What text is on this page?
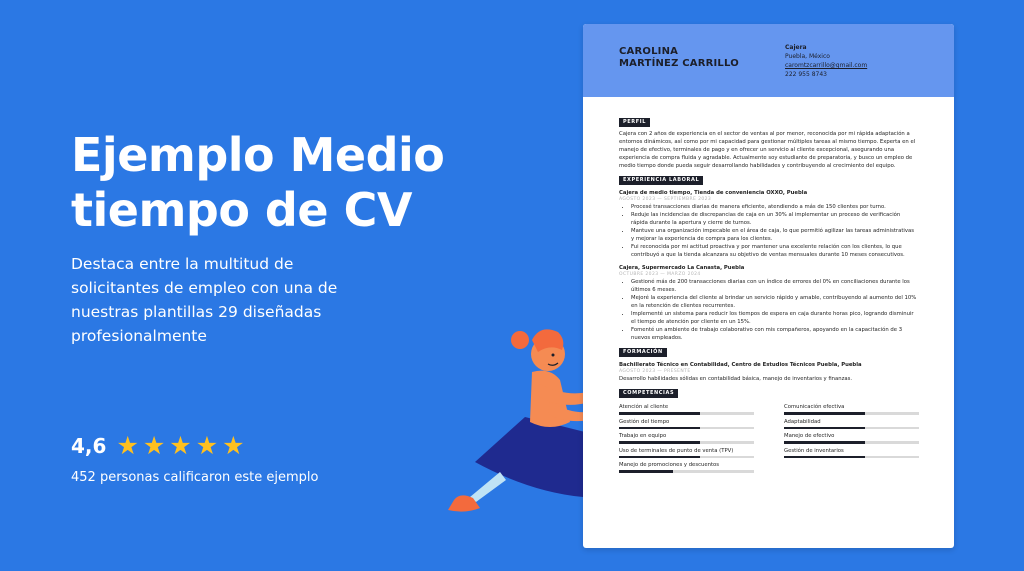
Ejemplo Medio tiempo de CV

Destaca entre la multitud de solicitantes de empleo con una de nuestras plantillas 29 diseñadas profesionalmente

4,6 ★ ★ ★ ★ ★

452 personas calificaron este ejemplo

CAROLINA
MARTÍNEZ CARRILLO
Cajera
Puebla, México
caromtzcarrillo@gmail.com
222 955 8743
PERFIL
Cajera con 2 años de experiencia en el sector de ventas al por menor, reconocida por mi rápida adaptación a entornos dinámicos, así como por mi capacidad para gestionar múltiples tareas al mismo tiempo. Experta en el manejo de efectivo, terminales de pago y en ofrecer un servicio al cliente excepcional, asegurando una experiencia de compra fluida y agradable. Actualmente soy estudiante de preparatoria, y busco un empleo de medio tiempo donde pueda seguir desarrollando habilidades y contribuyendo al crecimiento del equipo.
EXPERIENCIA LABORAL
Cajera de medio tiempo, Tienda de conveniencia OXXO, Puebla
AGOSTO 2023 — SEPTIEMBRE 2023
• Procesé transacciones diarias de manera eficiente, atendiendo a más de 150 clientes por turno.
• Reduje las incidencias de discrepancias de caja en un 30% al implementar un proceso de verificación rápida durante la apertura y cierre de turnos.
• Mantuve una organización impecable en el área de caja, lo que permitió agilizar las tareas administrativas y mejorar la experiencia de compra para los clientes.
• Fui reconocida por mi actitud proactiva y por mantener una excelente relación con los clientes, lo que contribuyó a que la tienda alcanzara su objetivo de ventas mensuales durante 10 meses consecutivos.
Cajera, Supermercado La Canasta, Puebla
OCTUBRE 2023 — MARZO 2024
• Gestioné más de 200 transacciones diarias con un índice de errores del 0% en conciliaciones durante los últimos 6 meses.
• Mejoré la experiencia del cliente al brindar un servicio rápido y amable, contribuyendo al aumento del 10% en la retención de clientes recurrentes.
• Implementé un sistema para reducir los tiempos de espera en caja durante horas pico, logrando disminuir el tiempo de atención por cliente en un 15%.
• Fomenté un ambiente de trabajo colaborativo con mis compañeros, apoyando en la capacitación de 3 nuevos empleados.
FORMACIÓN
Bachillerato Técnico en Contabilidad, Centro de Estudios Técnicos Puebla, Puebla
AGOSTO 2023 — PRESENTE
Desarrollo habilidades sólidas en contabilidad básica, manejo de inventarios y finanzas.
COMPETENCIAS
Atención al cliente	Comunicación efectiva
Gestión del tiempo	Adaptabilidad
Trabajo en equipo	Manejo de efectivo
Uso de terminales de punto de venta (TPV)	Gestión de inventarios
Manejo de promociones y descuentos
